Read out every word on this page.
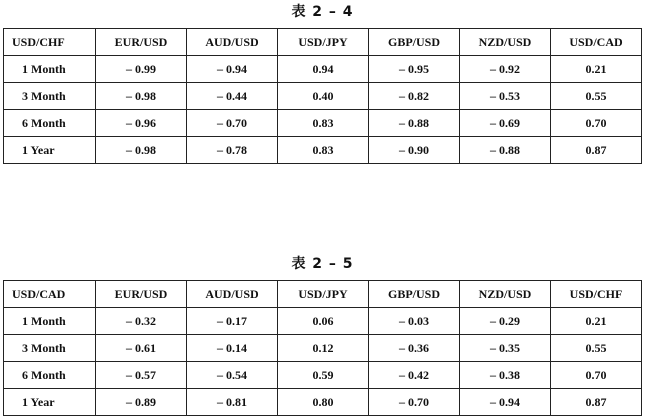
表 2 – 4
USD/CHF	EUR/USD	AUD/USD	USD/JPY	GBP/USD	NZD/USD	USD/CAD
1 Month	– 0.99	– 0.94	0.94	– 0.95	– 0.92	0.21
3 Month	– 0.98	– 0.44	0.40	– 0.82	– 0.53	0.55
6 Month	– 0.96	– 0.70	0.83	– 0.88	– 0.69	0.70
1 Year	– 0.98	– 0.78	0.83	– 0.90	– 0.88	0.87
表 2 – 5
USD/CAD	EUR/USD	AUD/USD	USD/JPY	GBP/USD	NZD/USD	USD/CHF
1 Month	– 0.32	– 0.17	0.06	– 0.03	– 0.29	0.21
3 Month	– 0.61	– 0.14	0.12	– 0.36	– 0.35	0.55
6 Month	– 0.57	– 0.54	0.59	– 0.42	– 0.38	0.70
1 Year	– 0.89	– 0.81	0.80	– 0.70	– 0.94	0.87
